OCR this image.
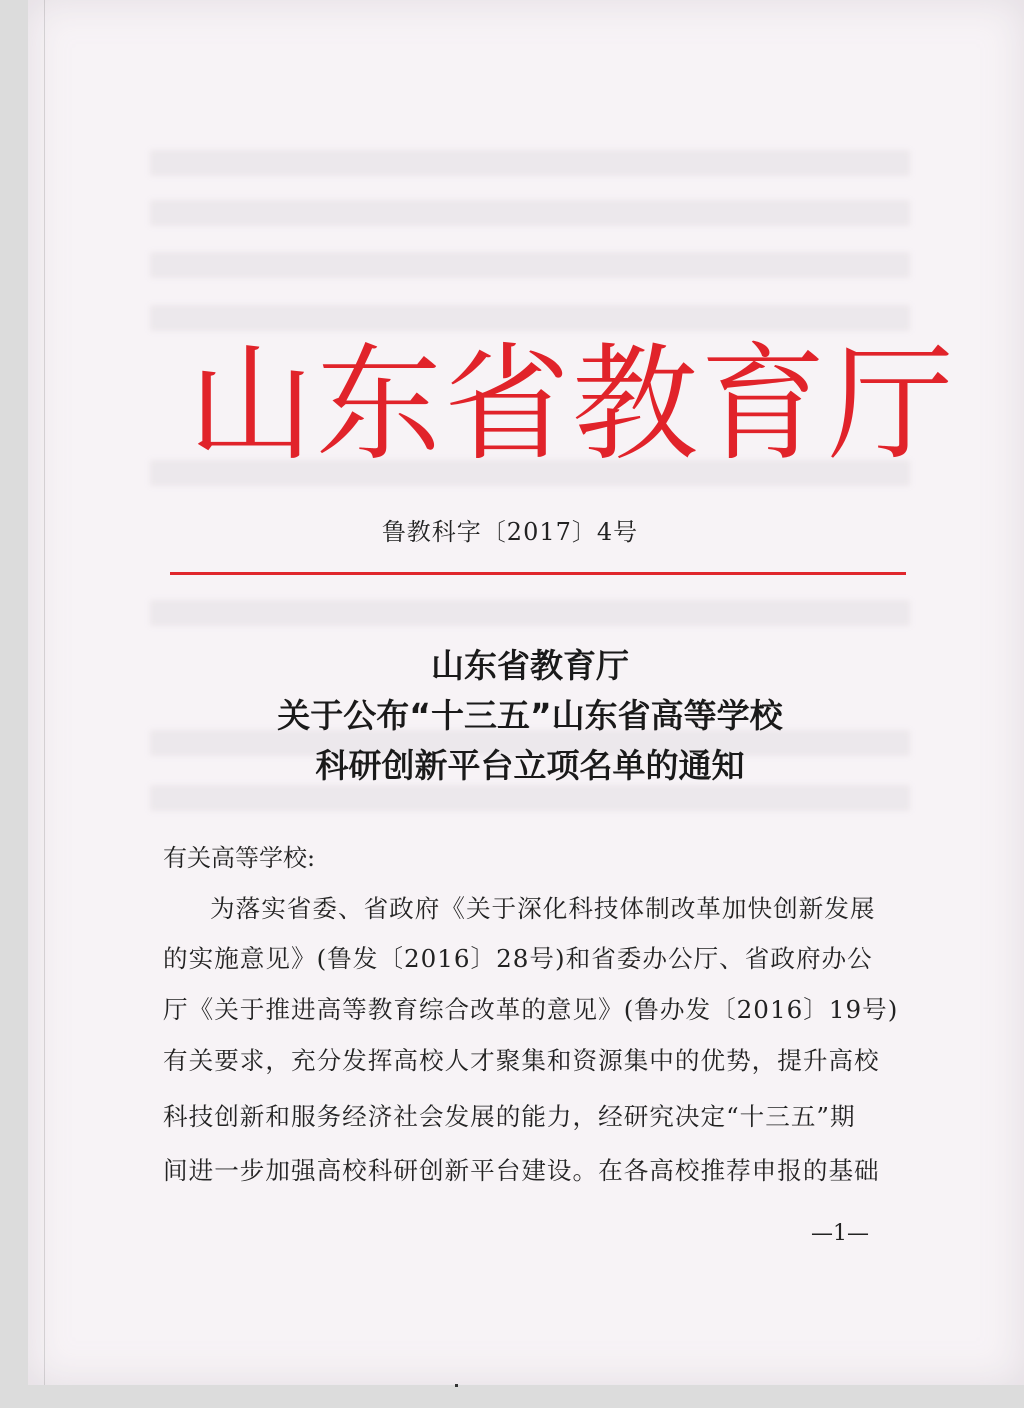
山东省教育厅
鲁教科字〔2017〕4号
山东省教育厅
关于公布“十三五”山东省高等学校
科研创新平台立项名单的通知
有关高等学校:
为落实省委、省政府《关于深化科技体制改革加快创新发展
的实施意见》(鲁发〔2016〕28号)和省委办公厅、省政府办公
厅《关于推进高等教育综合改革的意见》(鲁办发〔2016〕19号)
有关要求，充分发挥高校人才聚集和资源集中的优势，提升高校
科技创新和服务经济社会发展的能力，经研究决定“十三五”期
间进一步加强高校科研创新平台建设。在各高校推荐申报的基础
—1—
